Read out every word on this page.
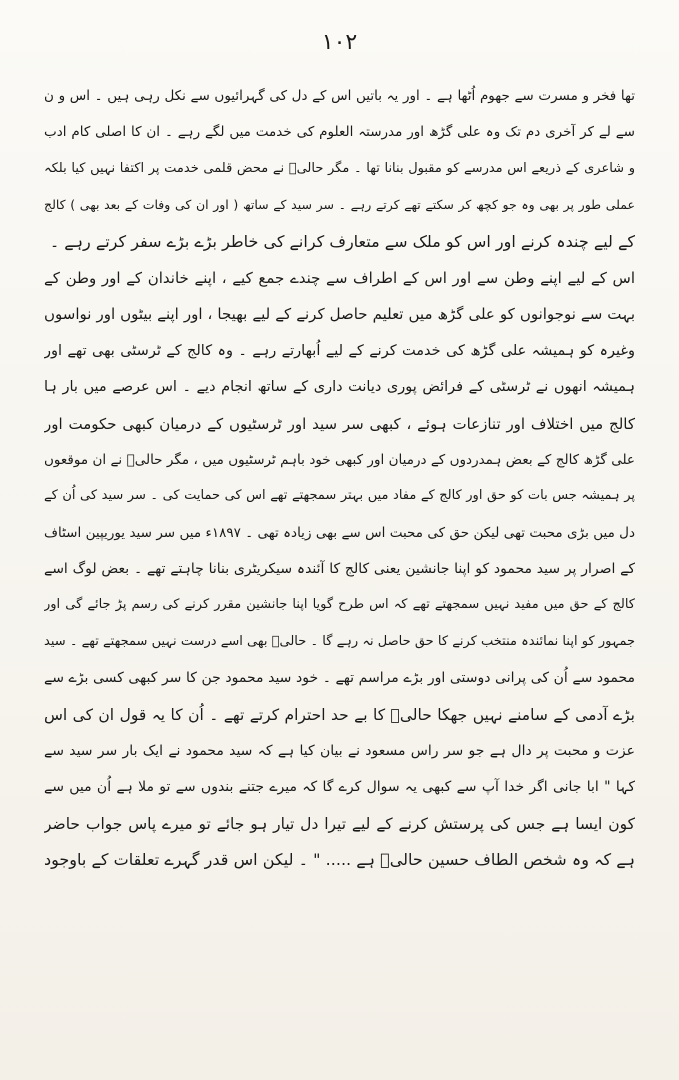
۱۰۲
تھا فخر و مسرت سے جھوم اُٹھا ہے ۔ اور یہ باتیں اس کے دل کی گہرائیوں سے نکل رہی ہیں ۔ اس و ن
سے لے کر آخری دم تک وہ علی گڑھ اور مدرستہ العلوم کی خدمت میں لگے رہے ۔ ان کا اصلی کام ادب
و شاعری کے ذریعے اس مدرسے کو مقبول بنانا تھا ۔ مگر حالیؔ نے محض قلمی خدمت پر اکتفا نہیں کیا بلکہ
عملی طور پر بھی وہ جو کچھ کر سکتے تھے کرتے رہے ۔ سر سید کے ساتھ ( اور ان کی وفات کے بعد بھی ) کالج
کے لیے چندہ کرنے اور اس کو ملک سے متعارف کرانے کی خاطر بڑے بڑے سفر کرتے رہے ۔
اس کے لیے اپنے وطن سے اور اس کے اطراف سے چندے جمع کیے ، اپنے خاندان کے اور وطن کے
بہت سے نوجوانوں کو علی گڑھ میں تعلیم حاصل کرنے کے لیے بھیجا ، اور اپنے بیٹوں اور نواسوں
وغیرہ کو ہمیشہ علی گڑھ کی خدمت کرنے کے لیے اُبھارتے رہے ۔ وہ کالج کے ٹرسٹی بھی تھے اور
ہمیشہ انھوں نے ٹرسٹی کے فرائض پوری دیانت داری کے ساتھ انجام دیے ۔ اس عرصے میں بار ہا
کالج میں اختلاف اور تنازعات ہوئے ، کبھی سر سید اور ٹرسٹیوں کے درمیان کبھی حکومت اور
علی گڑھ کالج کے بعض ہمدردوں کے درمیان اور کبھی خود باہم ٹرسٹیوں میں ، مگر حالیؔ نے ان موقعوں
پر ہمیشہ جس بات کو حق اور کالج کے مفاد میں بہتر سمجھتے تھے اس کی حمایت کی ۔ سر سید کی اُن کے
دل میں بڑی محبت تھی لیکن حق کی محبت اس سے بھی زیادہ تھی ۔ ۱۸۹۷ء میں سر سید یوریپین اسٹاف
کے اصرار پر سید محمود کو اپنا جانشین یعنی کالج کا آئندہ سیکریٹری بنانا چاہتے تھے ۔ بعض لوگ اسے
کالج کے حق میں مفید نہیں سمجھتے تھے کہ اس طرح گویا اپنا جانشین مقرر کرنے کی رسم پڑ جائے گی اور
جمہور کو اپنا نمائندہ منتخب کرنے کا حق حاصل نہ رہے گا ۔ حالیؔ بھی اسے درست نہیں سمجھتے تھے ۔ سید
محمود سے اُن کی پرانی دوستی اور بڑے مراسم تھے ۔ خود سید محمود جن کا سر کبھی کسی بڑے سے
بڑے آدمی کے سامنے نہیں جھکا حالیؔ کا بے حد احترام کرتے تھے ۔ اُن کا یہ قول ان کی اس
عزت و محبت پر دال ہے جو سر راس مسعود نے بیان کیا ہے کہ سید محمود نے ایک بار سر سید سے
کہا " ابا جانی اگر خدا آپ سے کبھی یہ سوال کرے گا کہ میرے جتنے بندوں سے تو ملا ہے اُن میں سے
کون ایسا ہے جس کی پرستش کرنے کے لیے تیرا دل تیار ہو جائے تو میرے پاس جواب حاضر
ہے کہ وہ شخص الطاف حسین حالیؔ ہے ..... " ۔ لیکن اس قدر گہرے تعلقات کے باوجود
